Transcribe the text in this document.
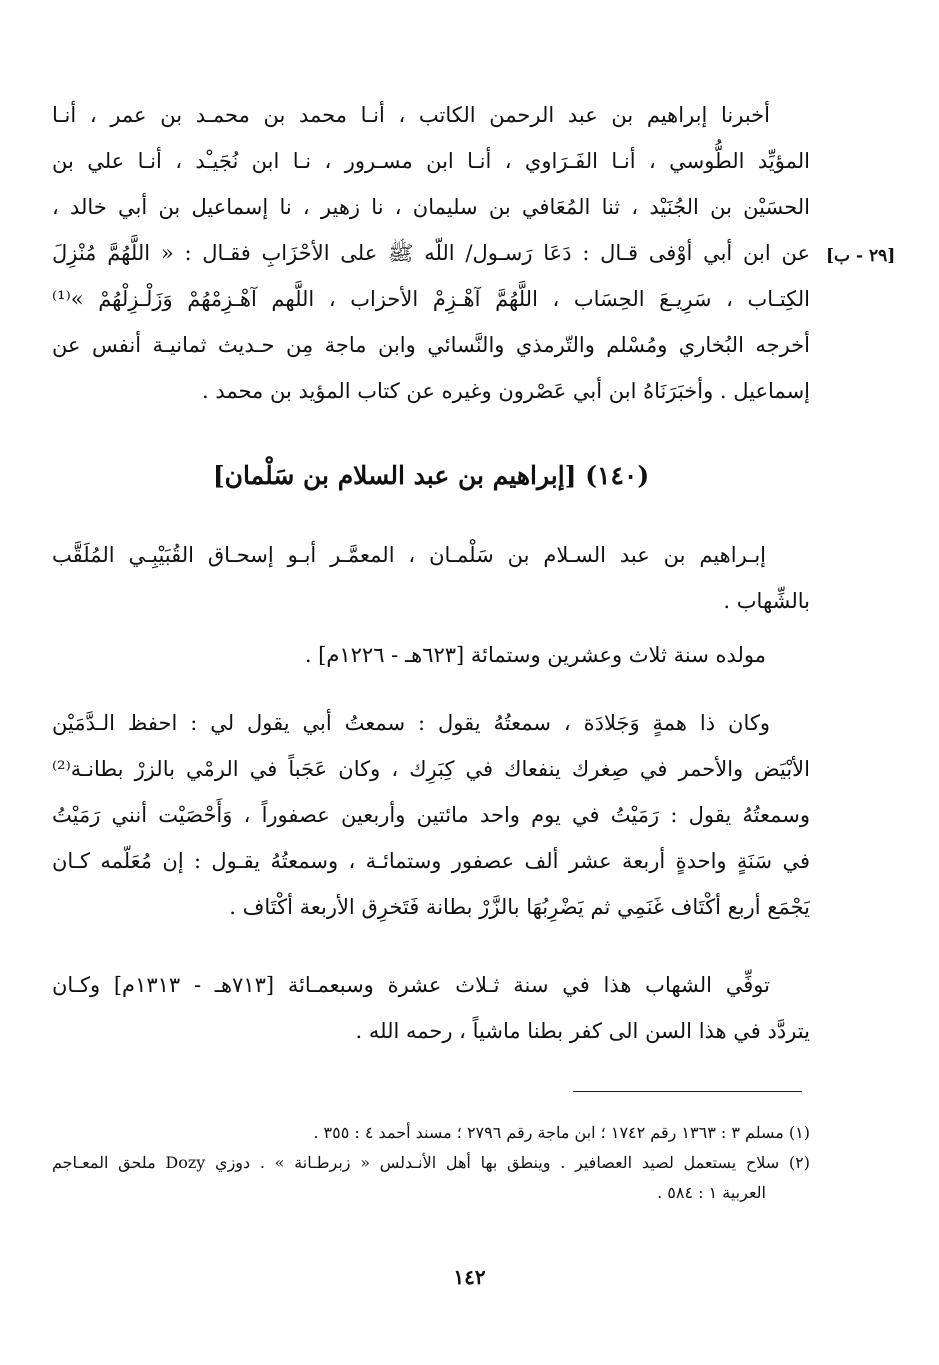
أخبرنا إبراهيم بن عبد الرحمن الكاتب ، أنـا محمد بن محمـد بن عمر ، أنـا
المؤيِّد الطُّوسي ، أنـا الفَـرَاوي ، أنـا ابن مسـرور ، نـا ابن نُجَيـْد ، أنـا علي بن
الحسَيْن بن الجُنَيْد ، ثنا المُعَافي بن سليمان ، نا زهير ، نا إسماعيل بن أبي خالد ،
عن ابن أبي أوْفى قـال : دَعَا رَسـول/ اللّه ﷺ على الأحْزَابِ فقـال : « اللَّهُمَّ مُنْزِلَ
الكِتـاب ، سَرِيـعَ الحِسَاب ، اللَّهُمَّ آهْـزِمْ الأحزاب ، اللَّهم آهْـزِمْهُمْ وَزَلْـزِلْهُمْ »⁽¹⁾
أخرجه البُخاري ومُسْلم والتّرمذي والنَّسائي وابن ماجة مِن حـديث ثمانيـة أنفس عن
إسماعيل . وأخبَرَنَاهُ ابن أبي عَصْرون وغيره عن كتاب المؤيد بن محمد .
[٢٩ - ب]
(١٤٠) [إبراهيم بن عبد السلام بن سَلْمان]
إبـراهيم بن عبد السـلام بن سَلْمـان ، المعمَّـر أبـو إسحـاق القُبَيْبِـي المُلَقَّب
بالشِّهاب .
مولده سنة ثلاث وعشرين وستمائة [٦٢٣هـ - ١٢٢٦م] .
وكان ذا همةٍ وَجَلادَة ، سمعتُهُ يقول : سمعتُ أبي يقول لي : احفظ الـدَّمَيْن
الأبْيَض والأحمر في صِغرك ينفعاك في كِبَرِك ، وكان عَجَباً في الرمْي بالزرْ بطانـة⁽²⁾
وسمعتُهُ يقول : رَمَيْتُ في يوم واحد مائتين وأربعين عصفوراً ، وَأَحْصَيْت أنني رَمَيْتُ
في سَنَةٍ واحدةٍ أربعة عشر ألف عصفور وستمائـة ، وسمعتُهُ يقـول : إن مُعَلّمه كـان
يَجْمَع أربع أكْتَاف غَنَمِي ثم يَضْرِبُهَا بالزَّرْ بطانة فَتَخرِق الأربعة أكْتَاف .
توفِّي الشهاب هذا في سنة ثـلاث عشرة وسبعمـائة [٧١٣هـ - ١٣١٣م] وكـان
يتردَّد في هذا السن الى كفر بطنا ماشياً ، رحمه الله .
(١) مسلم ٣ : ١٣٦٣ رقم ١٧٤٢ ؛ ابن ماجة رقم ٢٧٩٦ ؛ مسند أحمد ٤ : ٣٥٥ .
(٢) سلاح يستعمل لصيد العصافير . وينطق بها أهل الأنـدلس « زبرطـانة » . دوزي Dozy ملحق المعـاجم
العربية ١ : ٥٨٤ .
١٤٢
